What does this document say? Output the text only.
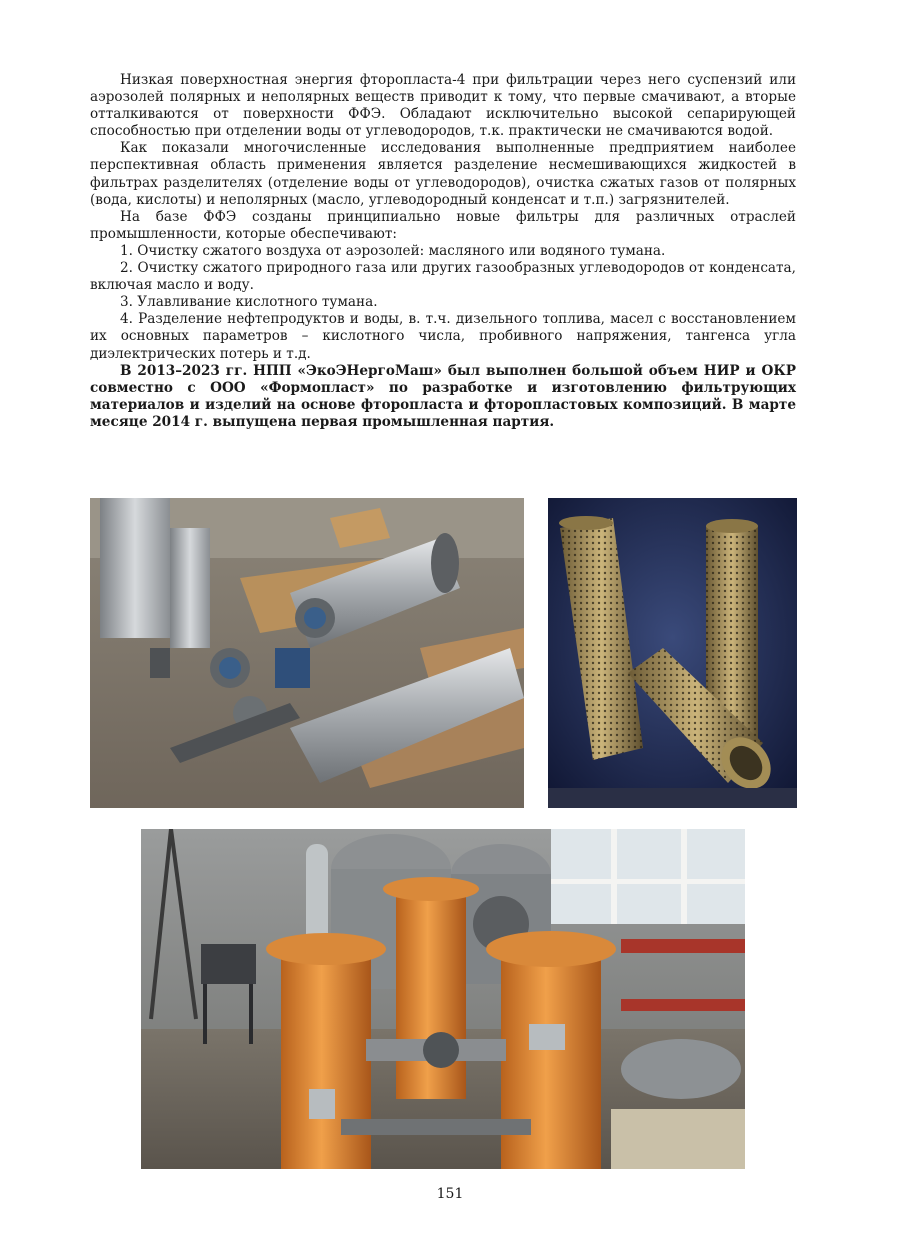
Низкая поверхностная энергия фторопласта-4 при фильтрации через него суспензий или аэрозолей полярных и неполярных веществ приводит к тому, что первые смачивают, а вторые отталкиваются от поверхности ФФЭ. Обладают исключительно высокой сепарирующей способностью при отделении воды от углеводородов, т.к. практически не смачиваются водой.

Как показали многочисленные исследования выполненные предприятием наиболее перспективная область применения является разделение несмешивающихся жидкостей в фильтрах разделителях (отделение воды от углеводородов), очистка сжатых газов от полярных (вода, кислоты) и неполярных (масло, углеводородный конденсат и т.п.) загрязнителей.

На базе ФФЭ созданы принципиально новые фильтры для различных отраслей промышленности, которые обеспечивают:

1. Очистку сжатого воздуха от аэрозолей: масляного или водяного тумана.

2. Очистку сжатого природного газа или других газообразных углеводородов от конденсата, включая масло и воду.

3. Улавливание кислотного тумана.

4. Разделение нефтепродуктов и воды, в. т.ч. дизельного топлива, масел с восстановлением их основных параметров – кислотного числа, пробивного напряжения, тангенса угла диэлектрических потерь и т.д.

В 2013–2023 гг. НПП «ЭкоЭНергоМаш» был выполнен большой объем НИР и ОКР совместно с ООО «Формопласт» по разработке и изготовлению фильтрующих материалов и изделий на основе фторопласта и фторопластовых композиций. В марте месяце 2014 г. выпущена первая промышленная партия.

151
